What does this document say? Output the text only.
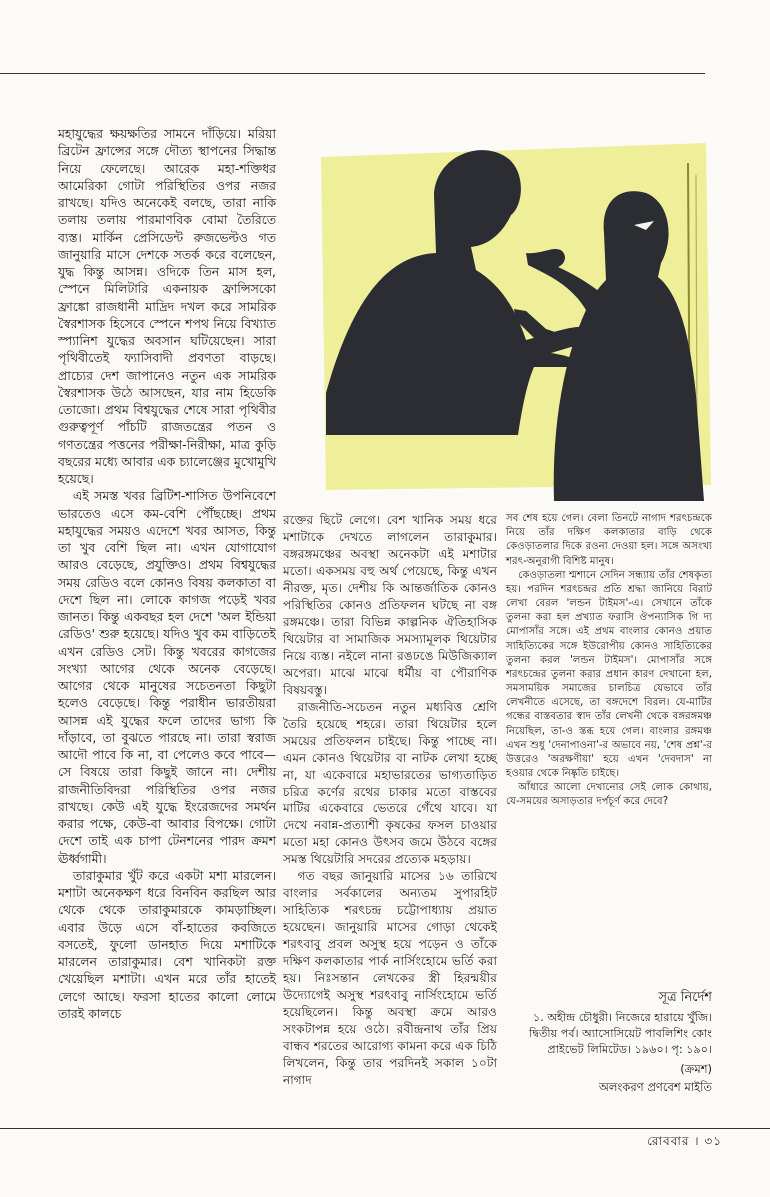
মহাযুদ্ধের ক্ষয়ক্ষতির সামনে দাঁড়িয়ে। মরিয়া ব্রিটেন ফ্রান্সের সঙ্গে দৌত্য স্থাপনের সিদ্ধান্ত নিয়ে ফেলেছে। আরেক মহা-শক্তিধর আমেরিকা গোটা পরিস্থিতির ওপর নজর রাখছে। যদিও অনেকেই বলছে, তারা নাকি তলায় তলায় পারমাণবিক বোমা তৈরিতে ব্যস্ত। মার্কিন প্রেসিডেন্ট রুজভেল্টও গত জানুয়ারি মাসে দেশকে সতর্ক করে বলেছেন, যুদ্ধ কিন্তু আসন্ন। ওদিকে তিন মাস হল, স্পেনে মিলিটারি একনায়ক ফ্রান্সিসকো ফ্রাঙ্কো রাজধানী মাদ্রিদ দখল করে সামরিক স্বৈরশাসক হিসেবে স্পেনে শপথ নিয়ে বিখ্যাত স্প্যানিশ যুদ্ধের অবসান ঘটিয়েছেন। সারা পৃথিবীতেই ফ্যাসিবাদী প্রবণতা বাড়ছে। প্রাচ্যের দেশ জাপানেও নতুন এক সামরিক স্বৈরশাসক উঠে আসছেন, যার নাম হিডেকি তোজো। প্রথম বিশ্বযুদ্ধের শেষে সারা পৃথিবীর গুরুত্বপূর্ণ পাঁচটি রাজতন্ত্রের পতন ও গণতন্ত্রের পত্তনের পরীক্ষা-নিরীক্ষা, মাত্র কুড়ি বছরের মধ্যে আবার এক চ্যালেঞ্জের মুখোমুখি হয়েছে।

এই সমস্ত খবর ব্রিটিশ-শাসিত উপনিবেশে ভারতেও এসে কম-বেশি পৌঁছচ্ছে। প্রথম মহাযুদ্ধের সময়ও এদেশে খবর আসত, কিন্তু তা খুব বেশি ছিল না। এখন যোগাযোগ আরও বেড়েছে, প্রযুক্তিও। প্রথম বিশ্বযুদ্ধের সময় রেডিও বলে কোনও বিষয় কলকাতা বা দেশে ছিল না। লোকে কাগজ পড়েই খবর জানত। কিন্তু একবছর হল দেশে 'অল ইন্ডিয়া রেডিও' শুরু হয়েছে। যদিও খুব কম বাড়িতেই এখন রেডিও সেট। কিন্তু খবরের কাগজের সংখ্যা আগের থেকে অনেক বেড়েছে। আগের থেকে মানুষের সচেতনতা কিছুটা হলেও বেড়েছে। কিন্তু পরাধীন ভারতীয়রা আসন্ন এই যুদ্ধের ফলে তাদের ভাগ্য কি দাঁড়াবে, তা বুঝতে পারছে না। তারা স্বরাজ আদৌ পাবে কি না, বা পেলেও কবে পাবে— সে বিষয়ে তারা কিছুই জানে না। দেশীয় রাজনীতিবিদরা পরিস্থিতির ওপর নজর রাখছে। কেউ এই যুদ্ধে ইংরেজদের সমর্থন করার পক্ষে, কেউ-বা আবার বিপক্ষে। গোটা দেশে তাই এক চাপা টেনশনের পারদ ক্রমশ ঊর্ধ্বগামী।

তারাকুমার খুঁট করে একটা মশা মারলেন। মশাটা অনেকক্ষণ ধরে বিনবিন করছিল আর থেকে থেকে তারাকুমারকে কামড়াচ্ছিল। এবার উড়ে এসে বাঁ-হাতের কবজিতে বসতেই, ফুলো ডানহাত দিয়ে মশাটিকে মারলেন তারাকুমার। বেশ খানিকটা রক্ত খেয়েছিল মশাটা। এখন মরে তাঁর হাতেই লেগে আছে। ফরসা হাতের কালো লোমে তারই কালচে

রক্তের ছিটে লেগে। বেশ খানিক সময় ধরে মশাটাকে দেখতে লাগলেন তারাকুমার। বঙ্গরঙ্গমঞ্চের অবস্থা অনেকটা এই মশাটার মতো। একসময় বহু অর্থ পেয়েছে, কিন্তু এখন নীরক্ত, মৃত। দেশীয় কি আন্তর্জাতিক কোনও পরিস্থিতির কোনও প্রতিফলন ঘটছে না বঙ্গ রঙ্গমঞ্চে। তারা বিভিন্ন কাল্পনিক ঐতিহাসিক থিয়েটার বা সামাজিক সমস্যামূলক থিয়েটার নিয়ে ব্যস্ত। নইলে নানা রঙঢঙে মিউজিক্যাল অপেরা। মাঝে মাঝে ধর্মীয় বা পৌরাণিক বিষয়বস্তু।

রাজনীতি-সচেতন নতুন মধ্যবিত্ত শ্রেণি তৈরি হয়েছে শহরে। তারা থিয়েটার হলে সময়ের প্রতিফলন চাইছে। কিন্তু পাচ্ছে না। এমন কোনও থিয়েটার বা নাটক লেখা হচ্ছে না, যা একেবারে মহাভারতের ভাগ্যতাড়িত চরিত্র কর্ণের রথের চাকার মতো বাস্তবের মাটির একেবারে ভেতরে গেঁথে যাবে। যা দেখে নবান্ন-প্রত্যাশী কৃষকের ফসল চাওয়ার মতো মহা কোনও উৎসব জমে উঠবে বঙ্গের সমস্ত থিয়েটারি সদরের প্রত্যেক মহড়ায়।

গত বছর জানুয়ারি মাসের ১৬ তারিখে বাংলার সর্বকালের অন্যতম সুপারহিট সাহিত্যিক শরৎচন্দ্র চট্টোপাধ্যায় প্রয়াত হয়েছেন। জানুয়ারি মাসের গোড়া থেকেই শরৎবাবু প্রবল অসুস্থ হয়ে পড়েন ও তাঁকে দক্ষিণ কলকাতার পার্ক নার্সিংহোমে ভর্তি করা হয়। নিঃসন্তান লেখকের স্ত্রী হিরন্ময়ীর উদ্যোগেই অসুস্থ শরৎবাবু নার্সিংহোমে ভর্তি হয়েছিলেন। কিন্তু অবস্থা ক্রমে আরও সংকটাপন্ন হয়ে ওঠে। রবীন্দ্রনাথ তাঁর প্রিয় বান্ধব শরতের আরোগ্য কামনা করে এক চিঠি লিখলেন, কিন্তু তার পরদিনই সকাল ১০টা নাগাদ

সব শেষ হয়ে গেল। বেলা তিনটে নাগাদ শরৎচন্দ্রকে নিয়ে তাঁর দক্ষিণ কলকাতার বাড়ি থেকে কেওড়াতলার দিকে রওনা দেওয়া হল। সঙ্গে অসংখ্য শরৎ-অনুরাগী বিশিষ্ট মানুষ।

কেওড়াতলা শ্মশানে সেদিন সন্ধ্যায় তাঁর শেষকৃত্য হয়। পরদিন শরৎচন্দ্রর প্রতি শ্রদ্ধা জানিয়ে বিরাট লেখা বেরল 'লন্ডন টাইমস'-এ। সেখানে তাঁকে তুলনা করা হল প্রখ্যাত ফরাসি ঔপন্যাসিক গি দ্য মোপাসাঁর সঙ্গে। এই প্রথম বাংলার কোনও প্রয়াত সাহিত্যিকের সঙ্গে ইউরোপীয় কোনও সাহিত্যিকের তুলনা করল 'লন্ডন টাইমস'। মোপাসাঁর সঙ্গে শরৎচন্দ্রের তুলনা করার প্রধান কারণ দেখানো হল, সমসাময়িক সমাজের চালচিত্র যেভাবে তাঁর লেখনীতে এসেছে, তা বঙ্গদেশে বিরল। যে-মাটির গন্ধের বাস্তবতার স্বাদ তাঁর লেখনী থেকে বঙ্গরঙ্গমঞ্চ নিয়েছিল, তা-ও স্তব্ধ হয়ে গেল। বাংলার রঙ্গমঞ্চ এখন শুধু 'দেনাপাওনা'-র অভাবে নয়, 'শেষ প্রশ্ন'-র উত্তরেও 'অরক্ষণীয়া' হয়ে এখন 'দেবদাস' না হওয়ার থেকে নিষ্কৃতি চাইছে।

আঁধারে আলো দেখানোর সেই লোক কোথায়, যে-সময়ের অসাড়তার দর্পচূর্ণ করে দেবে?

সূত্র নির্দেশ
১. অহীন্দ্র চৌধুরী। নিজেরে হারায়ে খুঁজি। দ্বিতীয় পর্ব। অ্যাসোসিয়েট পাবলিশিং কোং প্রাইভেট লিমিটেড। ১৯৬০। পৃ: ১৯০।
(ক্রমশ)
অলংকরণ প্রণবেশ মাইতি
রোববার । ৩১
